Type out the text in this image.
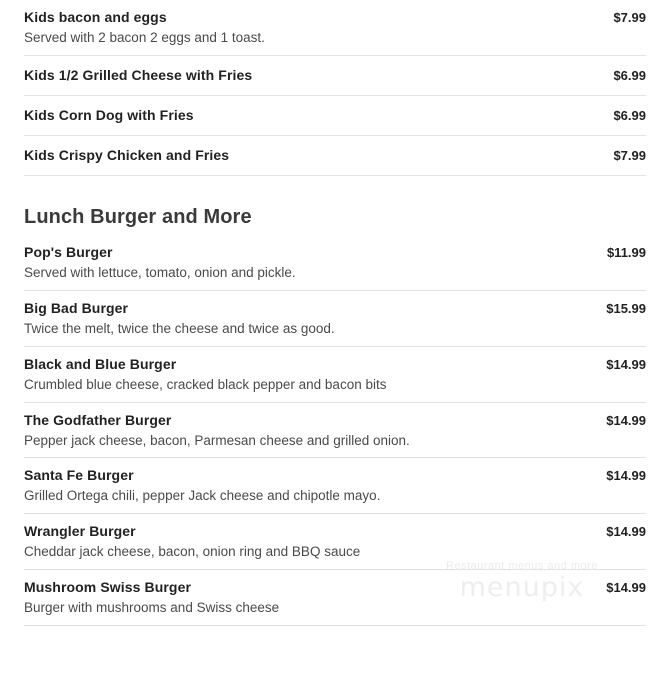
Kids bacon and eggs	$7.99
Served with 2 bacon 2 eggs and 1 toast.
Kids 1/2 Grilled Cheese with Fries	$6.99
Kids Corn Dog with Fries	$6.99
Kids Crispy Chicken and Fries	$7.99
Lunch Burger and More
Pop's Burger	$11.99
Served with lettuce, tomato, onion and pickle.
Big Bad Burger	$15.99
Twice the melt, twice the cheese and twice as good.
Black and Blue Burger	$14.99
Crumbled blue cheese, cracked black pepper and bacon bits
The Godfather Burger	$14.99
Pepper jack cheese, bacon, Parmesan cheese and grilled onion.
Santa Fe Burger	$14.99
Grilled Ortega chili, pepper Jack cheese and chipotle mayo.
Wrangler Burger	$14.99
Cheddar jack cheese, bacon, onion ring and BBQ sauce
Mushroom Swiss Burger	$14.99
Burger with mushrooms and Swiss cheese
Restaurant menus and more
menupix
